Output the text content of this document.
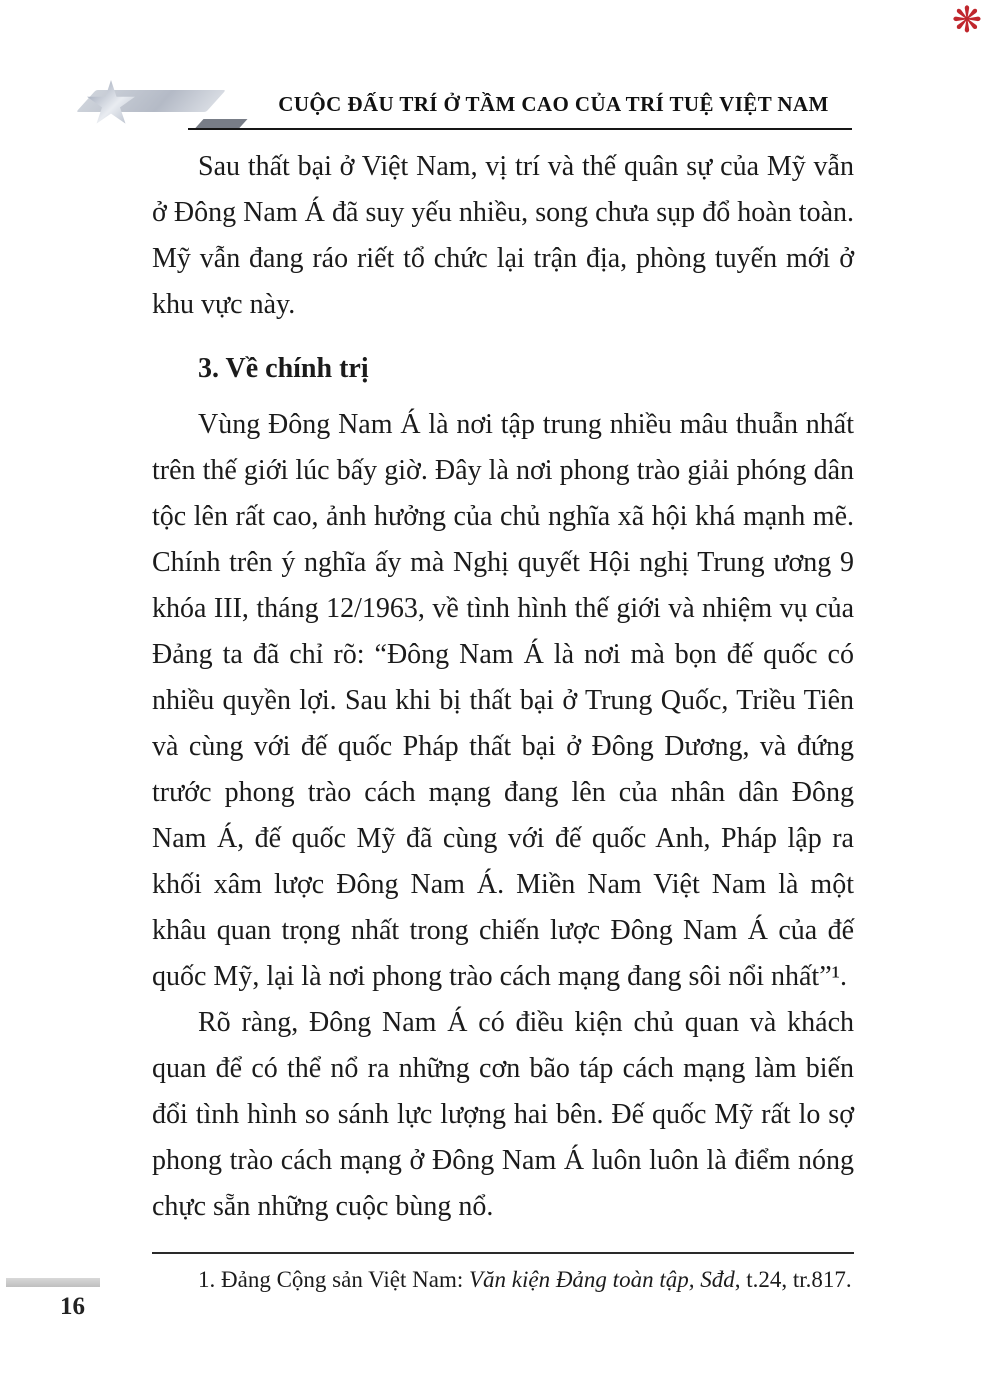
❋
CUỘC ĐẤU TRÍ Ở TẦM CAO CỦA TRÍ TUỆ VIỆT NAM

Sau thất bại ở Việt Nam, vị trí và thế quân sự của Mỹ vẫn ở Đông Nam Á đã suy yếu nhiều, song chưa sụp đổ hoàn toàn. Mỹ vẫn đang ráo riết tổ chức lại trận địa, phòng tuyến mới ở khu vực này.

3. Về chính trị

Vùng Đông Nam Á là nơi tập trung nhiều mâu thuẫn nhất trên thế giới lúc bấy giờ. Đây là nơi phong trào giải phóng dân tộc lên rất cao, ảnh hưởng của chủ nghĩa xã hội khá mạnh mẽ. Chính trên ý nghĩa ấy mà Nghị quyết Hội nghị Trung ương 9 khóa III, tháng 12/1963, về tình hình thế giới và nhiệm vụ của Đảng ta đã chỉ rõ: “Đông Nam Á là nơi mà bọn đế quốc có nhiều quyền lợi. Sau khi bị thất bại ở Trung Quốc, Triều Tiên và cùng với đế quốc Pháp thất bại ở Đông Dương, và đứng trước phong trào cách mạng đang lên của nhân dân Đông Nam Á, đế quốc Mỹ đã cùng với đế quốc Anh, Pháp lập ra khối xâm lược Đông Nam Á. Miền Nam Việt Nam là một khâu quan trọng nhất trong chiến lược Đông Nam Á của đế quốc Mỹ, lại là nơi phong trào cách mạng đang sôi nổi nhất”¹.

Rõ ràng, Đông Nam Á có điều kiện chủ quan và khách quan để có thể nổ ra những cơn bão táp cách mạng làm biến đổi tình hình so sánh lực lượng hai bên. Đế quốc Mỹ rất lo sợ phong trào cách mạng ở Đông Nam Á luôn luôn là điểm nóng chực sẵn những cuộc bùng nổ.

1. Đảng Cộng sản Việt Nam: Văn kiện Đảng toàn tập, Sđd, t.24, tr.817.

16
